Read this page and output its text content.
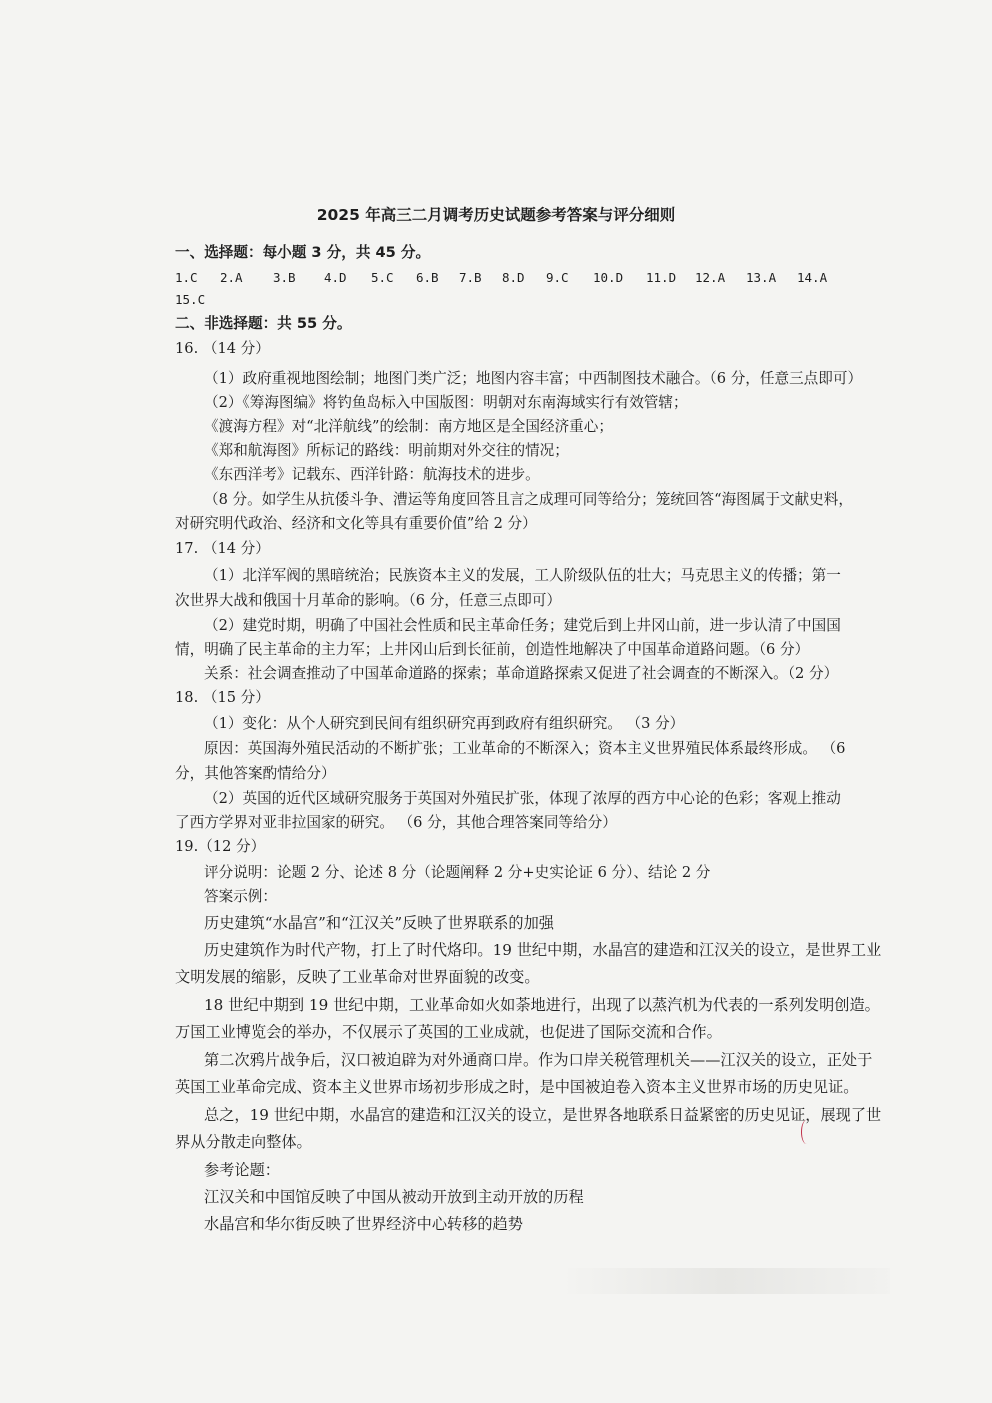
2025 年高三二月调考历史试题参考答案与评分细则
一、选择题：每小题 3 分，共 45 分。
1.C 2.A 3.B 4.D 5.C 6.B 7.B 8.D 9.C 10.D 11.D 12.A 13.A 14.A
15.C
二、非选择题：共 55 分。
16. （14 分）
（1）政府重视地图绘制；地图门类广泛；地图内容丰富；中西制图技术融合。（6 分，任意三点即可）
（2）《筹海图编》将钓鱼岛标入中国版图：明朝对东南海域实行有效管辖；
《渡海方程》对“北洋航线”的绘制：南方地区是全国经济重心；
《郑和航海图》所标记的路线：明前期对外交往的情况；
《东西洋考》记载东、西洋针路：航海技术的进步。
（8 分。如学生从抗倭斗争、漕运等角度回答且言之成理可同等给分；笼统回答“海图属于文献史料，
对研究明代政治、经济和文化等具有重要价值”给 2 分）
17. （14 分）
（1）北洋军阀的黑暗统治；民族资本主义的发展，工人阶级队伍的壮大；马克思主义的传播；第一
次世界大战和俄国十月革命的影响。（6 分，任意三点即可）
（2）建党时期，明确了中国社会性质和民主革命任务；建党后到上井冈山前，进一步认清了中国国
情，明确了民主革命的主力军；上井冈山后到长征前，创造性地解决了中国革命道路问题。（6 分）
关系：社会调查推动了中国革命道路的探索；革命道路探索又促进了社会调查的不断深入。（2 分）
18. （15 分）
（1）变化：从个人研究到民间有组织研究再到政府有组织研究。 （3 分）
原因：英国海外殖民活动的不断扩张；工业革命的不断深入；资本主义世界殖民体系最终形成。 （6
分，其他答案酌情给分）
（2）英国的近代区域研究服务于英国对外殖民扩张，体现了浓厚的西方中心论的色彩；客观上推动
了西方学界对亚非拉国家的研究。 （6 分，其他合理答案同等给分）
19.（12 分）
评分说明：论题 2 分、论述 8 分（论题阐释 2 分+史实论证 6 分）、结论 2 分
答案示例：
历史建筑“水晶宫”和“江汉关”反映了世界联系的加强
历史建筑作为时代产物，打上了时代烙印。19 世纪中期，水晶宫的建造和江汉关的设立，是世界工业
文明发展的缩影，反映了工业革命对世界面貌的改变。
18 世纪中期到 19 世纪中期，工业革命如火如荼地进行，出现了以蒸汽机为代表的一系列发明创造。
万国工业博览会的举办，不仅展示了英国的工业成就，也促进了国际交流和合作。
第二次鸦片战争后，汉口被迫辟为对外通商口岸。作为口岸关税管理机关——江汉关的设立，正处于
英国工业革命完成、资本主义世界市场初步形成之时，是中国被迫卷入资本主义世界市场的历史见证。
总之，19 世纪中期，水晶宫的建造和江汉关的设立，是世界各地联系日益紧密的历史见证，展现了世
界从分散走向整体。
参考论题：
江汉关和中国馆反映了中国从被动开放到主动开放的历程
水晶宫和华尔街反映了世界经济中心转移的趋势
